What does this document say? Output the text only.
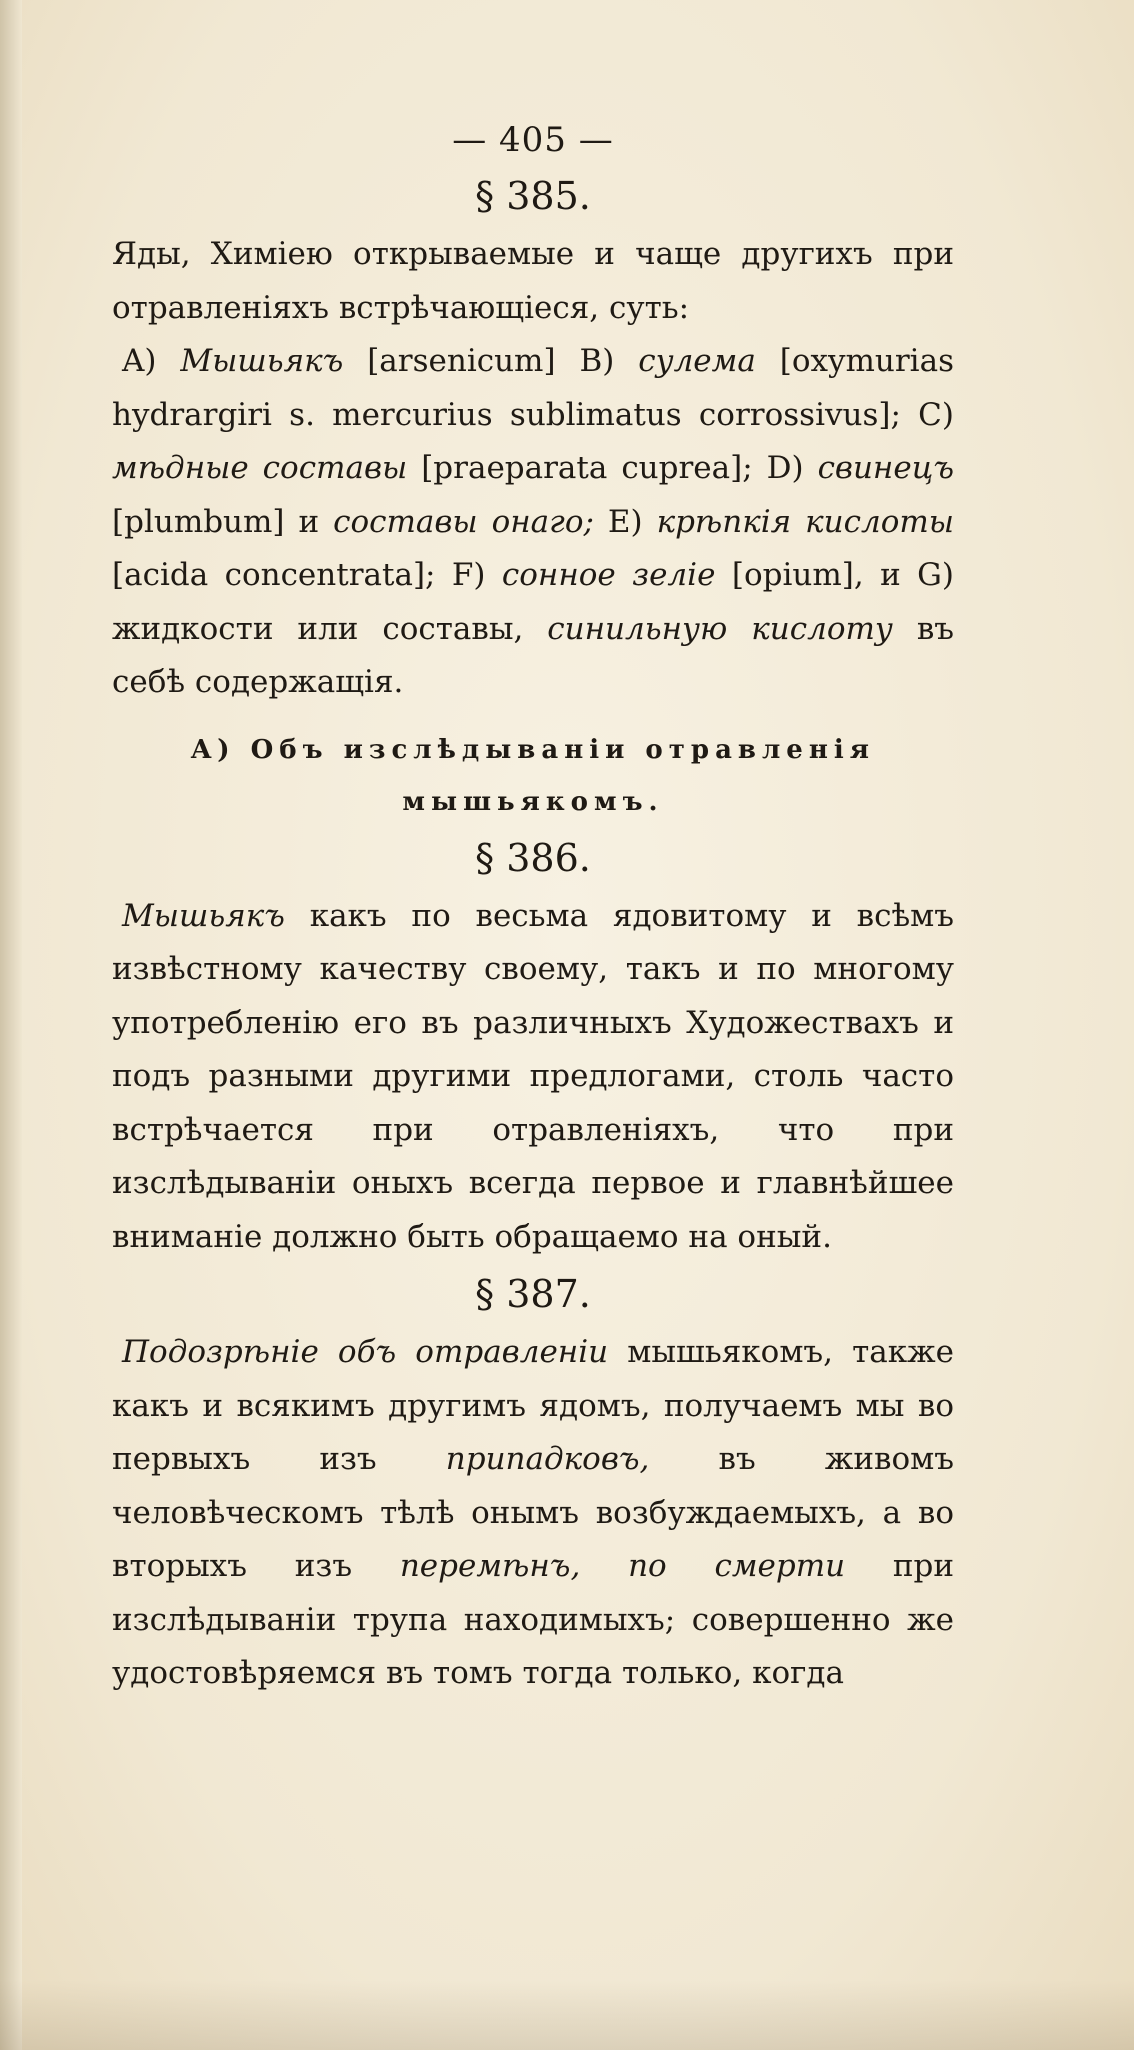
— 405 —
§ 385.

Яды, Химіею открываемые и чаще другихъ при отравленіяхъ встрѣчающіеся, суть:

A) Мышьякъ [arsenicum] B) сулема [oxymurias hydrargiri s. mercurius sublimatus corrossivus]; C) мѣдные составы [praeparata cuprea]; D) свинецъ [plumbum] и составы онаго; E) крѣпкія кислоты [acida concentrata]; F) сонное зеліе [opium], и G) жидкости или составы, синильную кислоту въ себѣ содержащія.

A) Объ изслѣдываніи отравленія
мышьякомъ.
§ 386.

Мышьякъ какъ по весьма ядовитому и всѣмъ извѣстному качеству своему, такъ и по многому употребленію его въ различныхъ Художествахъ и подъ разными другими предлогами, столь часто встрѣчается при отравленіяхъ, что при изслѣдываніи оныхъ всегда первое и главнѣйшее вниманіе должно быть обращаемо на оный.

§ 387.

Подозрѣніе объ отравленіи мышьякомъ, также какъ и всякимъ другимъ ядомъ, получаемъ мы во первыхъ изъ припадковъ, въ живомъ человѣческомъ тѣлѣ онымъ возбуждаемыхъ, а во вторыхъ изъ перемѣнъ, по смерти при изслѣдываніи трупа находимыхъ; совершенно же удостовѣряемся въ томъ тогда только, когда
